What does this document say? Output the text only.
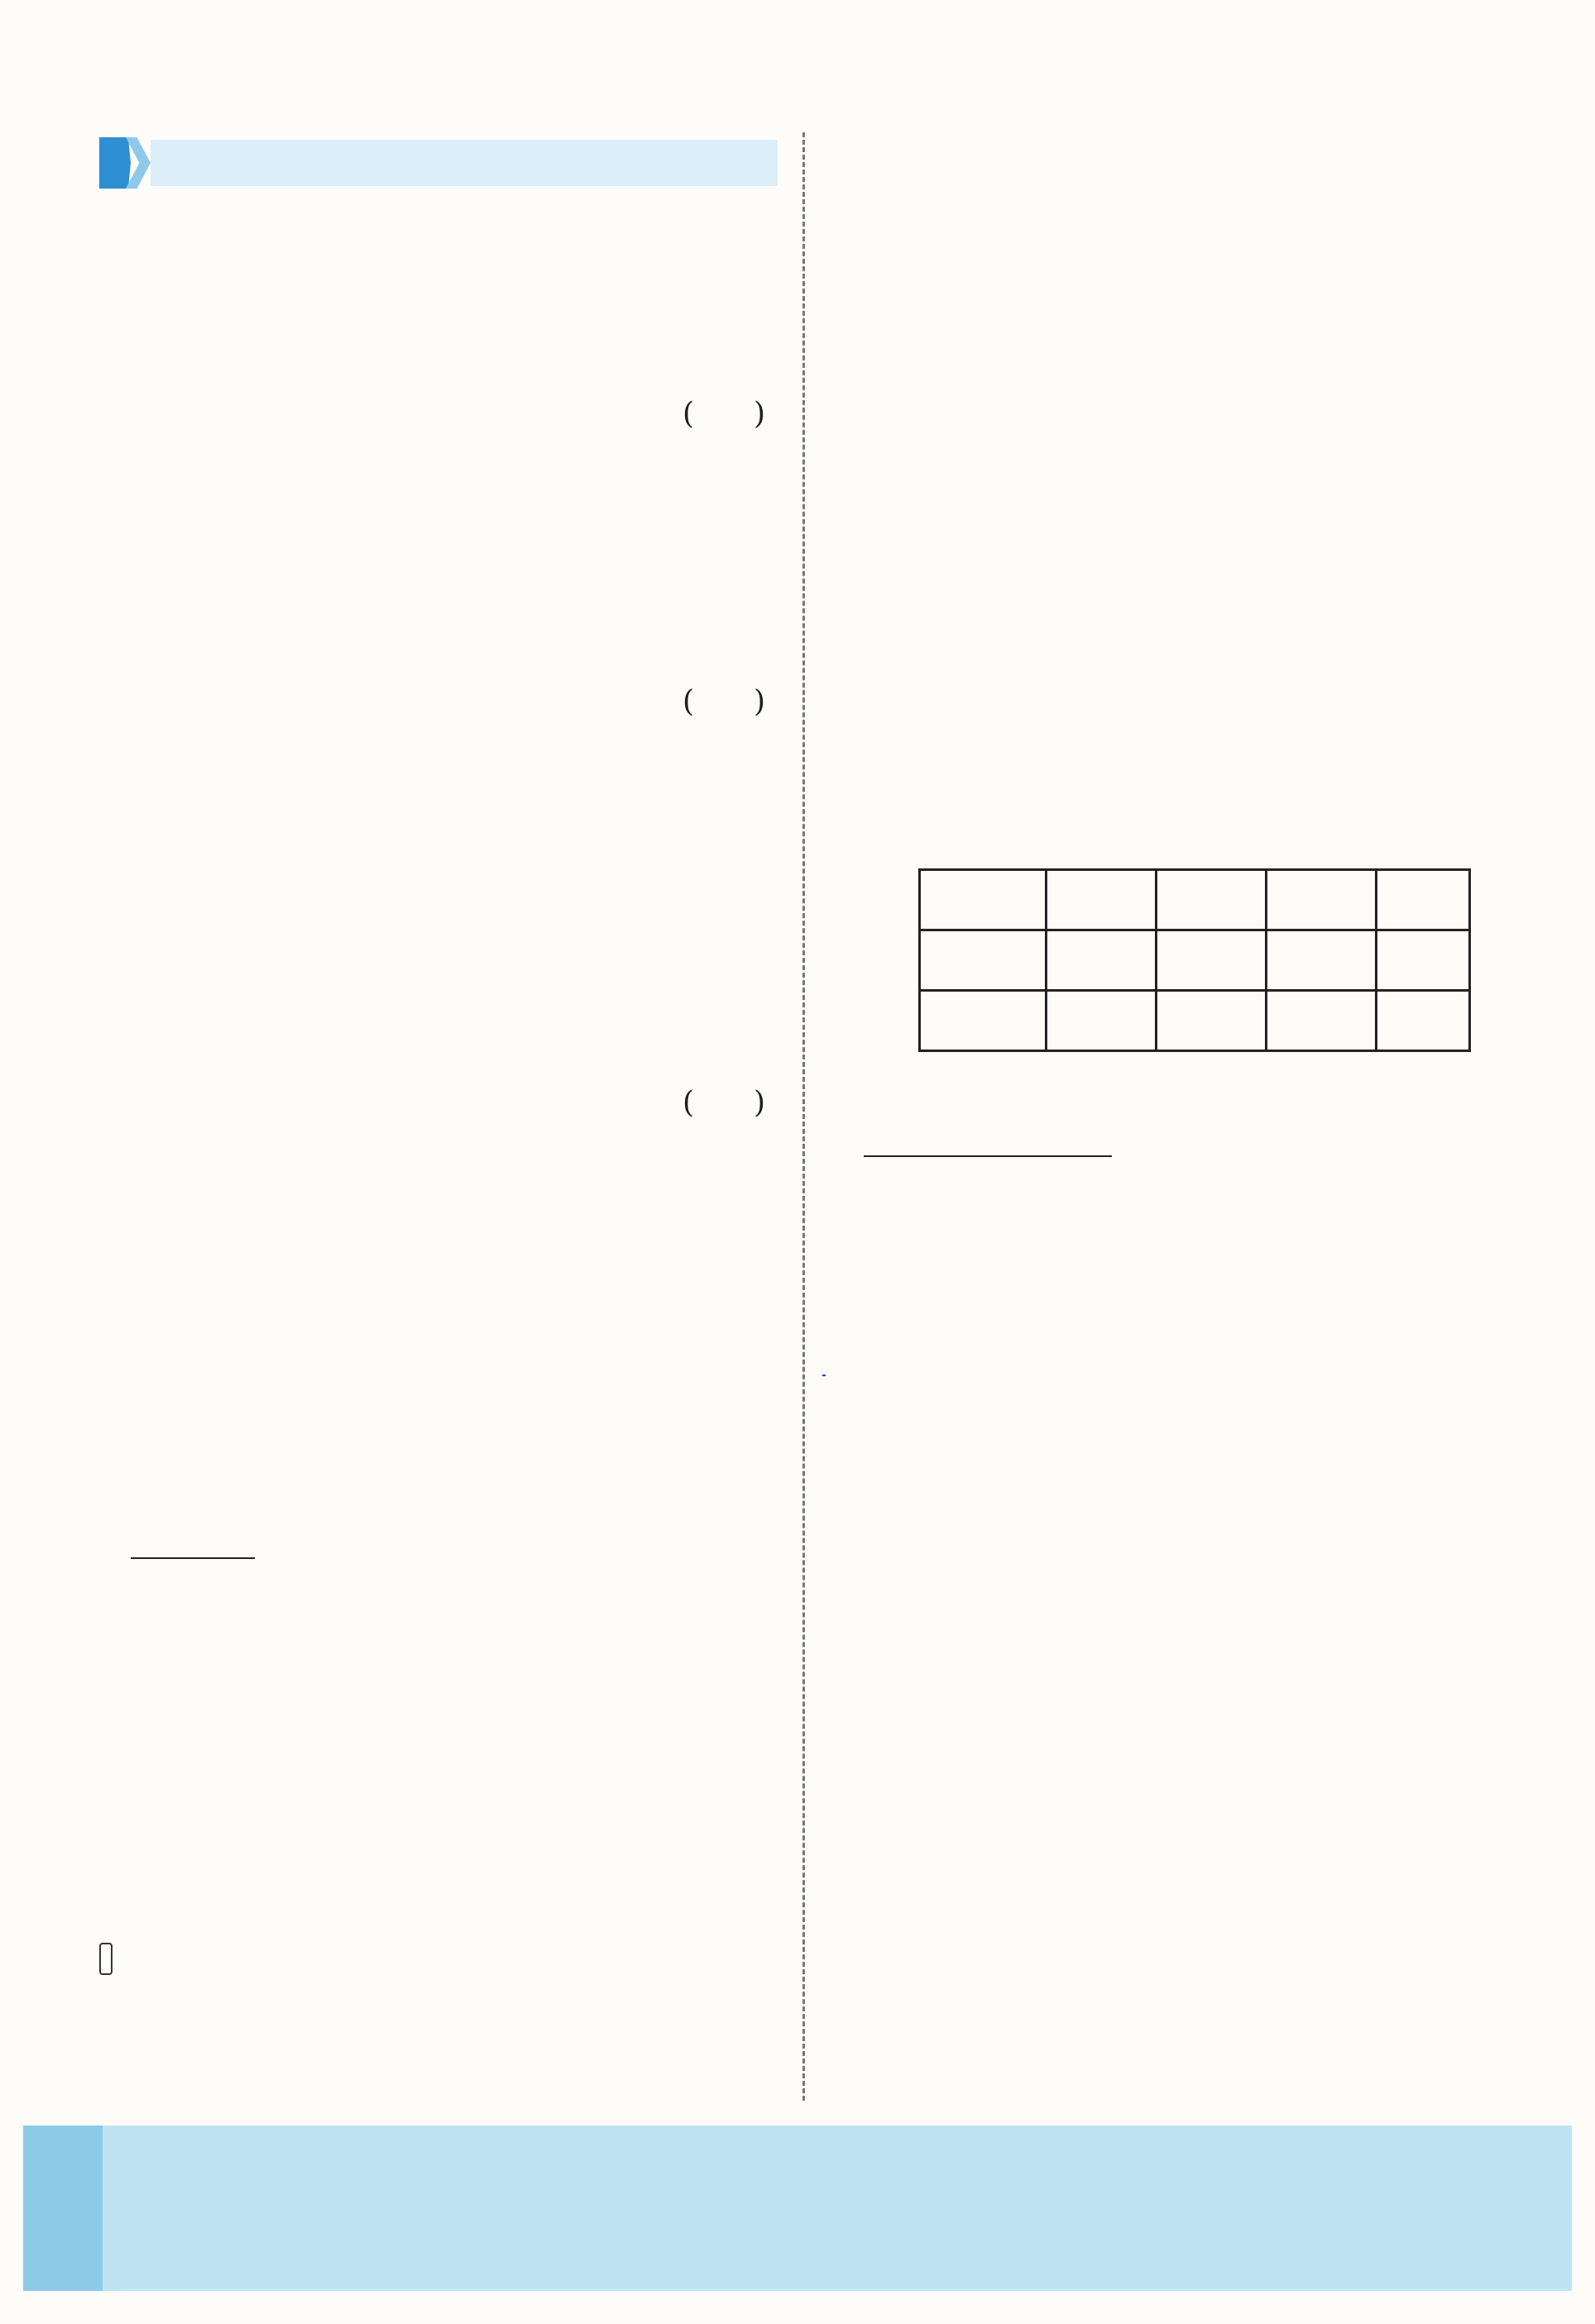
(　　)
(　　)
(　　)
